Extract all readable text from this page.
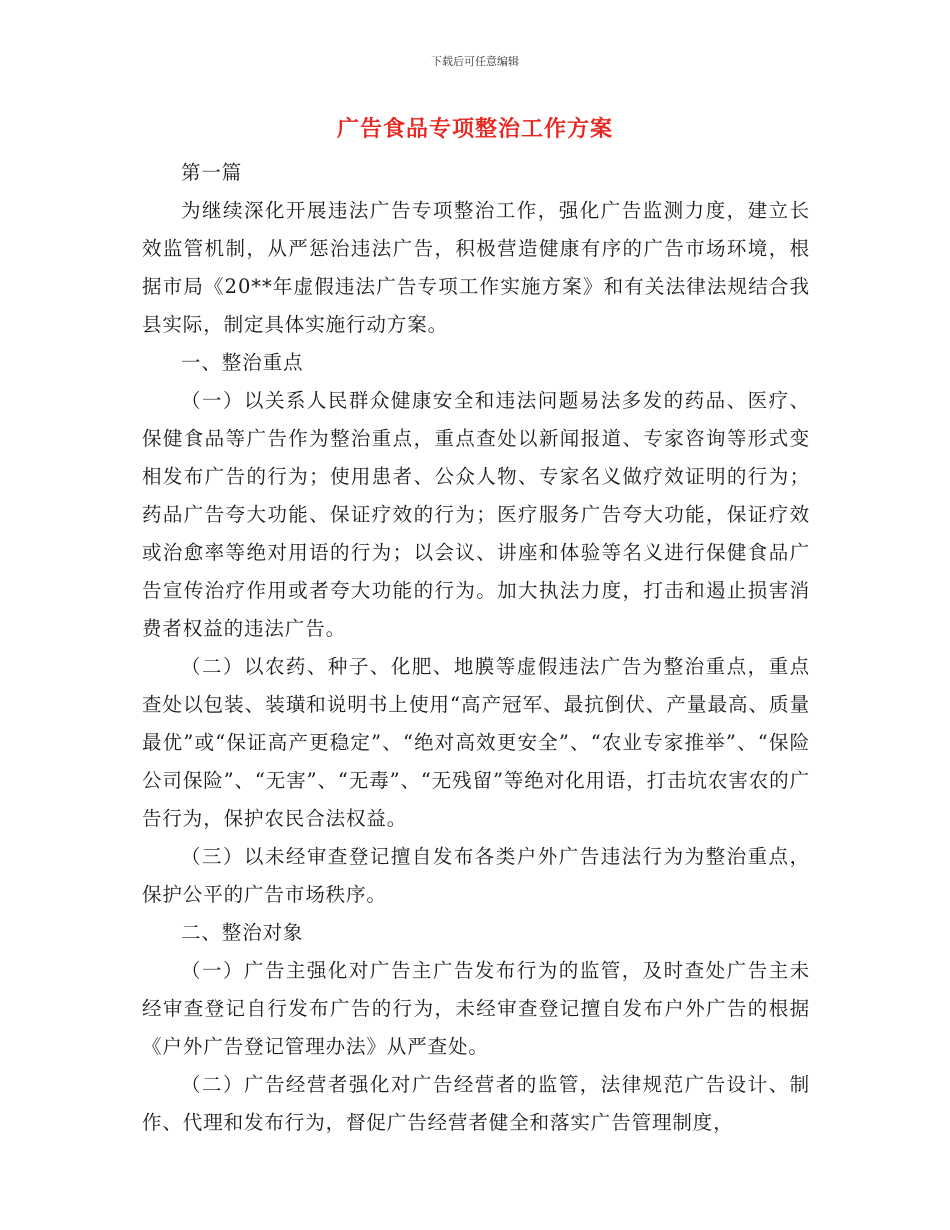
下载后可任意编辑
广告食品专项整治工作方案

第一篇

为继续深化开展违法广告专项整治工作，强化广告监测力度，建立长效监管机制，从严惩治违法广告，积极营造健康有序的广告市场环境，根据市局《20**年虚假违法广告专项工作实施方案》和有关法律法规结合我县实际，制定具体实施行动方案。

一、整治重点

（一）以关系人民群众健康安全和违法问题易法多发的药品、医疗、保健食品等广告作为整治重点，重点查处以新闻报道、专家咨询等形式变相发布广告的行为；使用患者、公众人物、专家名义做疗效证明的行为；药品广告夸大功能、保证疗效的行为；医疗服务广告夸大功能，保证疗效或治愈率等绝对用语的行为；以会议、讲座和体验等名义进行保健食品广告宣传治疗作用或者夸大功能的行为。加大执法力度，打击和遏止损害消费者权益的违法广告。

（二）以农药、种子、化肥、地膜等虚假违法广告为整治重点，重点查处以包装、装璜和说明书上使用“高产冠军、最抗倒伏、产量最高、质量最优”或“保证高产更稳定”、“绝对高效更安全”、“农业专家推举”、“保险公司保险”、“无害”、“无毒”、“无残留”等绝对化用语，打击坑农害农的广告行为，保护农民合法权益。

（三）以未经审查登记擅自发布各类户外广告违法行为为整治重点，保护公平的广告市场秩序。

二、整治对象

（一）广告主强化对广告主广告发布行为的监管，及时查处广告主未经审查登记自行发布广告的行为，未经审查登记擅自发布户外广告的根据《户外广告登记管理办法》从严查处。

（二）广告经营者强化对广告经营者的监管，法律规范广告设计、制作、代理和发布行为，督促广告经营者健全和落实广告管理制度，
